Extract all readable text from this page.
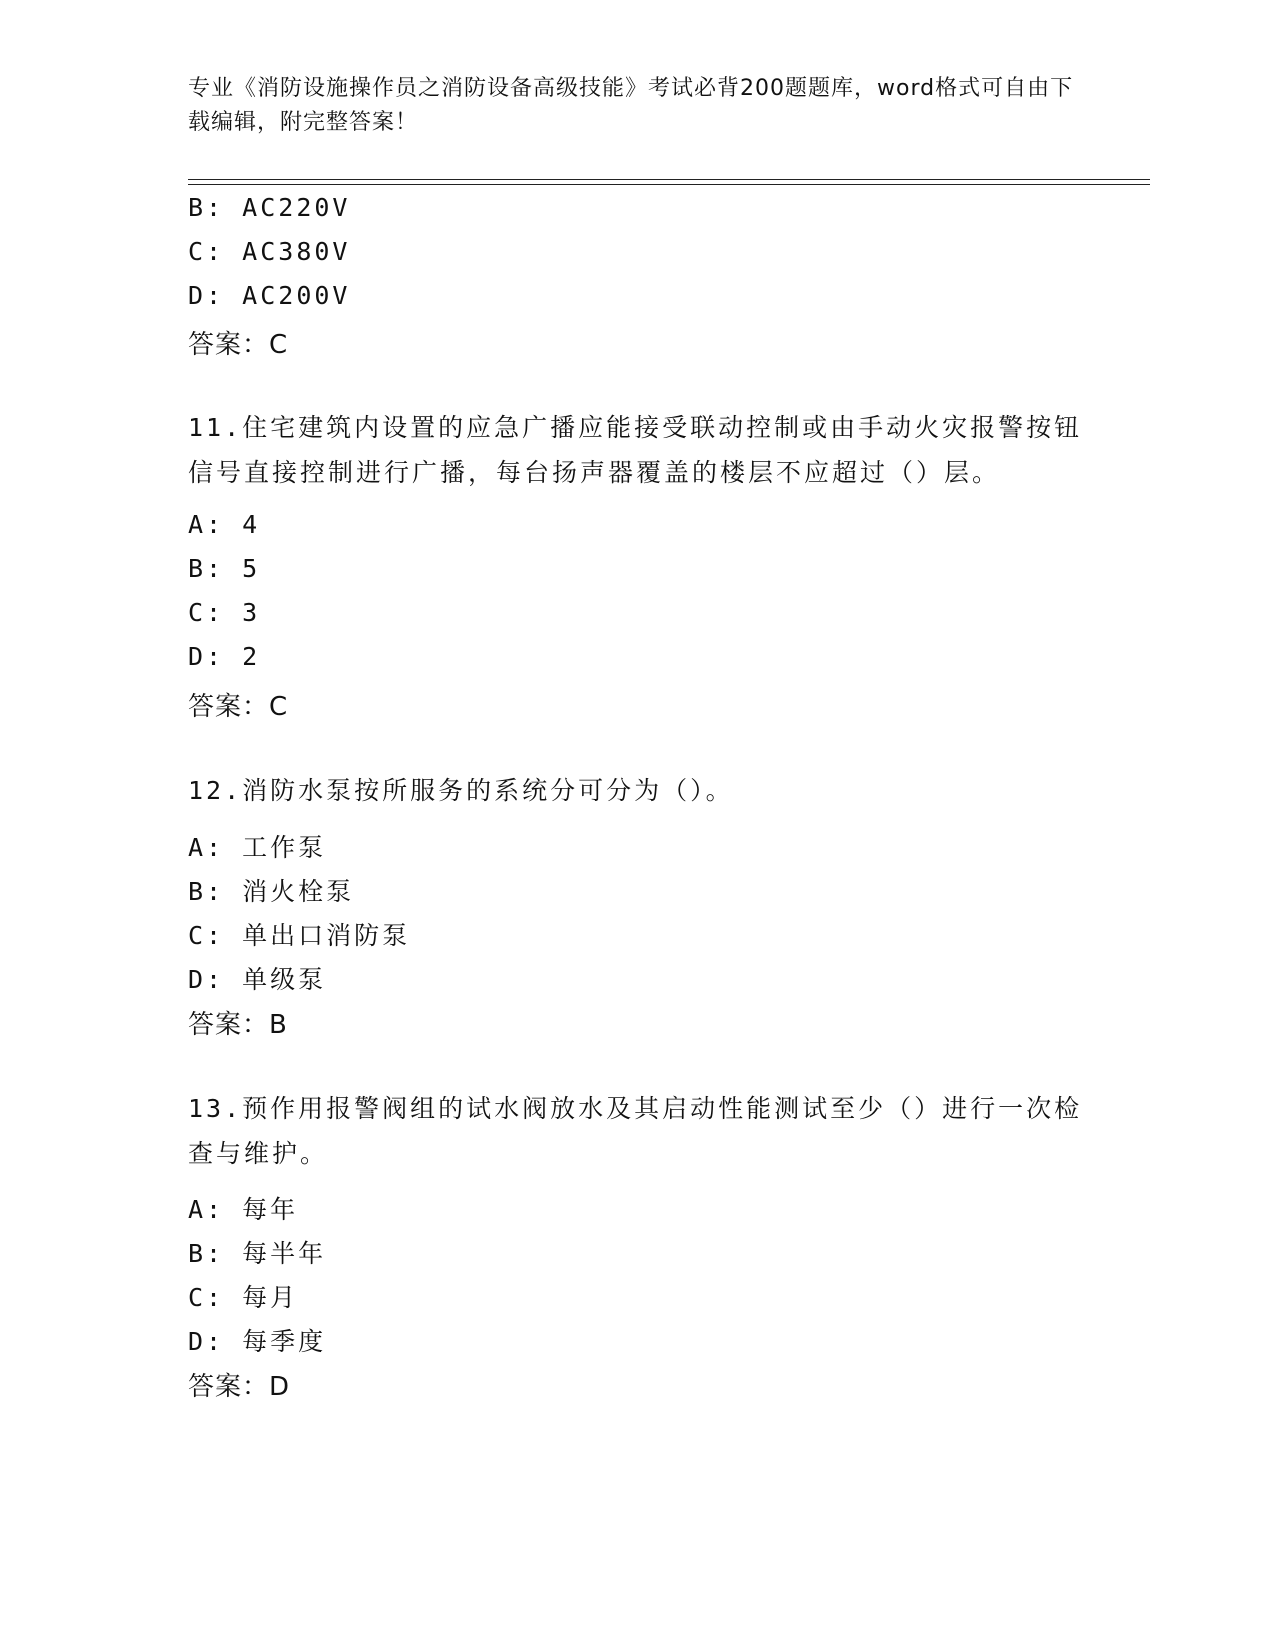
专业《消防设施操作员之消防设备高级技能》考试必背200题题库，word格式可自由下载编辑，附完整答案！
B: AC220V
C: AC380V
D: AC200V
答案：C
11.住宅建筑内设置的应急广播应能接受联动控制或由手动火灾报警按钮信号直接控制进行广播，每台扬声器覆盖的楼层不应超过（）层。
A: 4
B: 5
C: 3
D: 2
答案：C
12.消防水泵按所服务的系统分可分为（）。
A: 工作泵
B: 消火栓泵
C: 单出口消防泵
D: 单级泵
答案：B
13.预作用报警阀组的试水阀放水及其启动性能测试至少（）进行一次检查与维护。
A: 每年
B: 每半年
C: 每月
D: 每季度
答案：D
